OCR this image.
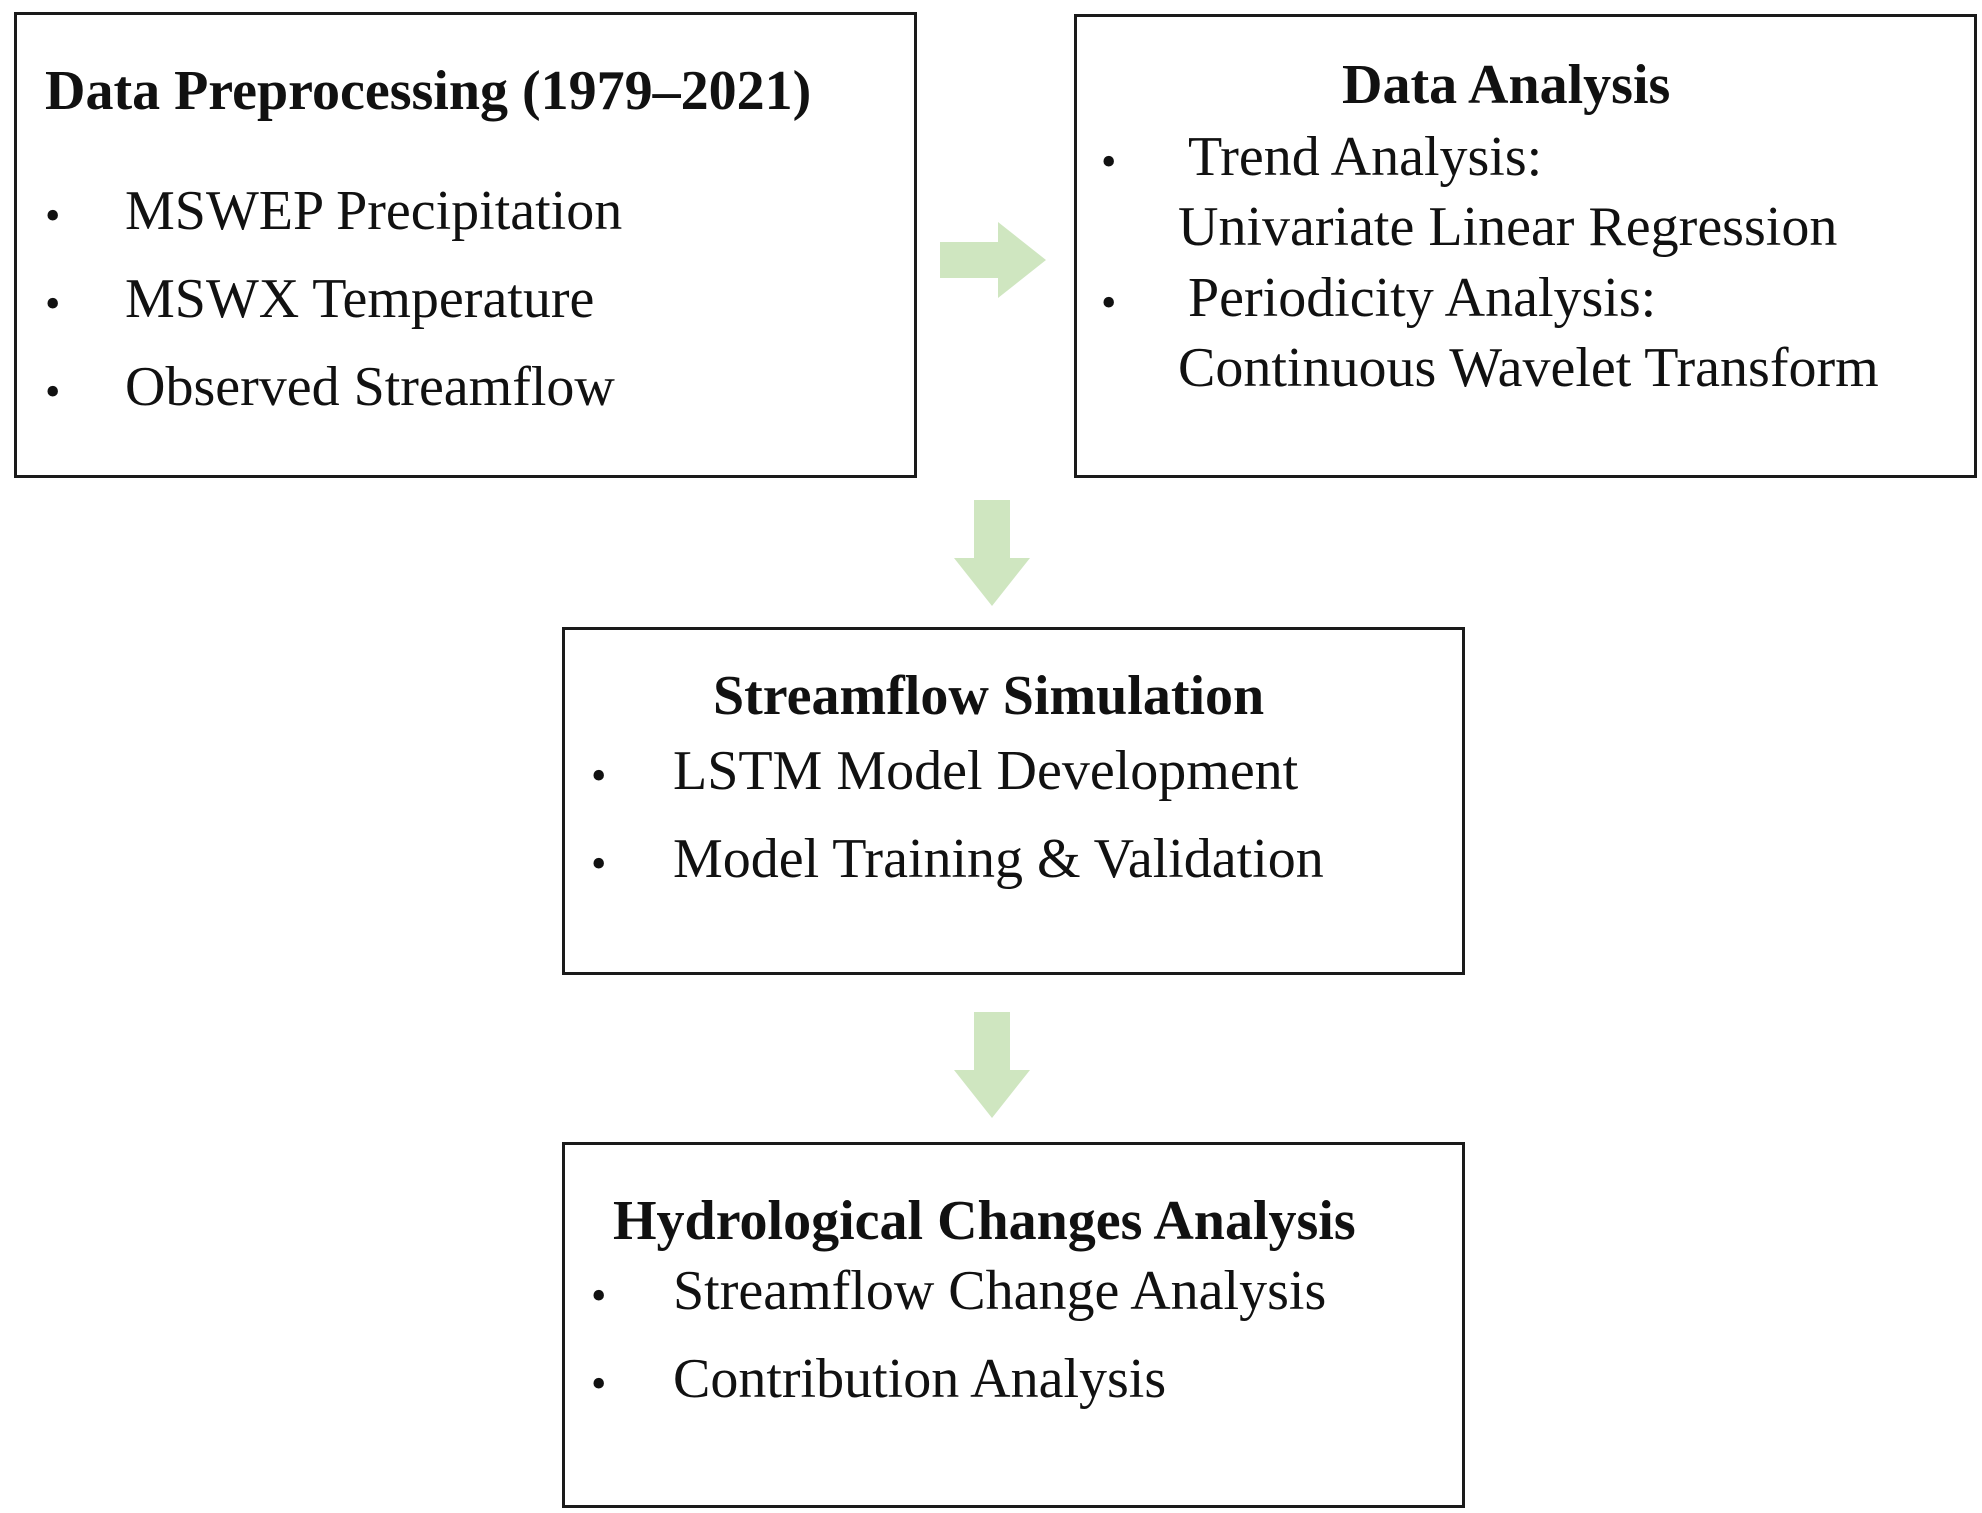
Data Preprocessing (1979–2021)
• MSWEP Precipitation
• MSWX Temperature
• Observed Streamflow
Data Analysis
• Trend Analysis:
Univariate Linear Regression
• Periodicity Analysis:
Continuous Wavelet Transform
Streamflow Simulation
• LSTM Model Development
• Model Training & Validation
Hydrological Changes Analysis
• Streamflow Change Analysis
• Contribution Analysis
